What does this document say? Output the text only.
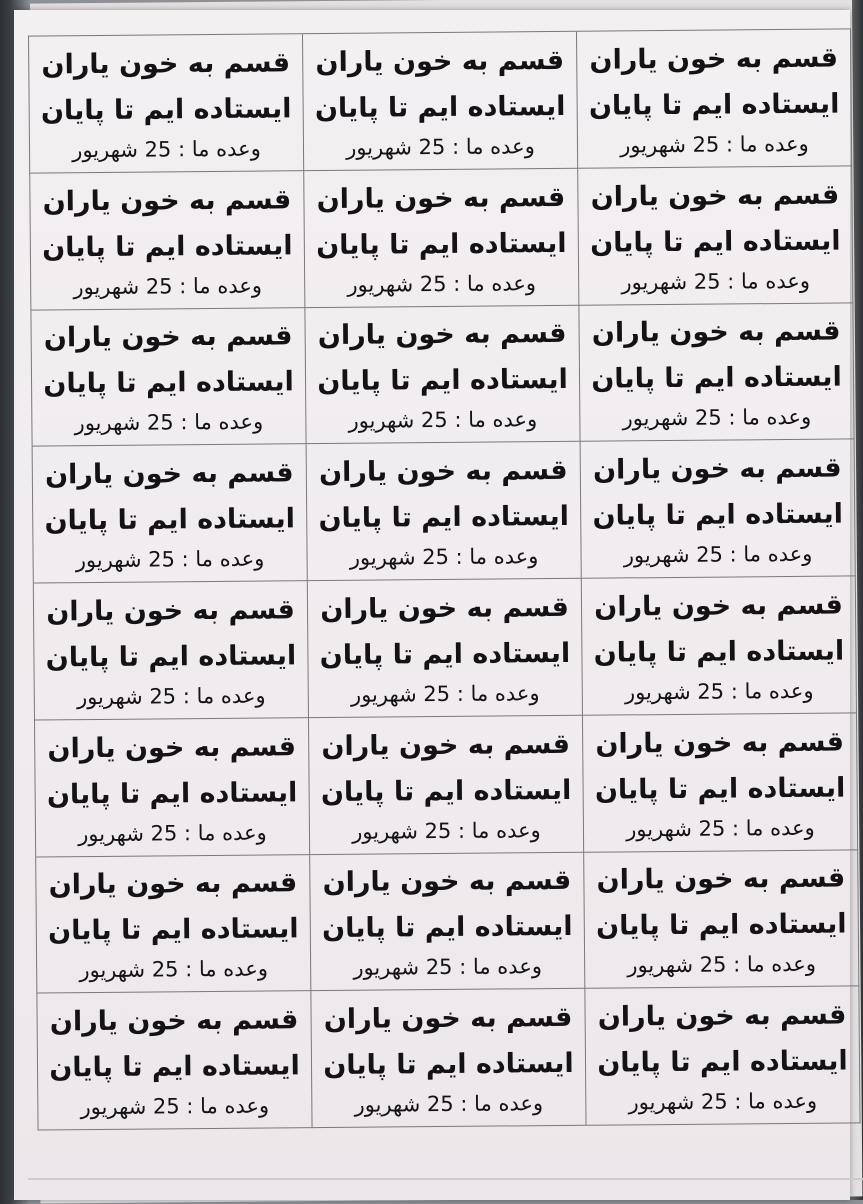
قسم به خون یاران
ایستاده ایم تا پایان
وعده ما : 25 شهریور
قسم به خون یاران
ایستاده ایم تا پایان
وعده ما : 25 شهریور
قسم به خون یاران
ایستاده ایم تا پایان
وعده ما : 25 شهریور
قسم به خون یاران
ایستاده ایم تا پایان
وعده ما : 25 شهریور
قسم به خون یاران
ایستاده ایم تا پایان
وعده ما : 25 شهریور
قسم به خون یاران
ایستاده ایم تا پایان
وعده ما : 25 شهریور
قسم به خون یاران
ایستاده ایم تا پایان
وعده ما : 25 شهریور
قسم به خون یاران
ایستاده ایم تا پایان
وعده ما : 25 شهریور
قسم به خون یاران
ایستاده ایم تا پایان
وعده ما : 25 شهریور
قسم به خون یاران
ایستاده ایم تا پایان
وعده ما : 25 شهریور
قسم به خون یاران
ایستاده ایم تا پایان
وعده ما : 25 شهریور
قسم به خون یاران
ایستاده ایم تا پایان
وعده ما : 25 شهریور
قسم به خون یاران
ایستاده ایم تا پایان
وعده ما : 25 شهریور
قسم به خون یاران
ایستاده ایم تا پایان
وعده ما : 25 شهریور
قسم به خون یاران
ایستاده ایم تا پایان
وعده ما : 25 شهریور
قسم به خون یاران
ایستاده ایم تا پایان
وعده ما : 25 شهریور
قسم به خون یاران
ایستاده ایم تا پایان
وعده ما : 25 شهریور
قسم به خون یاران
ایستاده ایم تا پایان
وعده ما : 25 شهریور
قسم به خون یاران
ایستاده ایم تا پایان
وعده ما : 25 شهریور
قسم به خون یاران
ایستاده ایم تا پایان
وعده ما : 25 شهریور
قسم به خون یاران
ایستاده ایم تا پایان
وعده ما : 25 شهریور
قسم به خون یاران
ایستاده ایم تا پایان
وعده ما : 25 شهریور
قسم به خون یاران
ایستاده ایم تا پایان
وعده ما : 25 شهریور
قسم به خون یاران
ایستاده ایم تا پایان
وعده ما : 25 شهریور
